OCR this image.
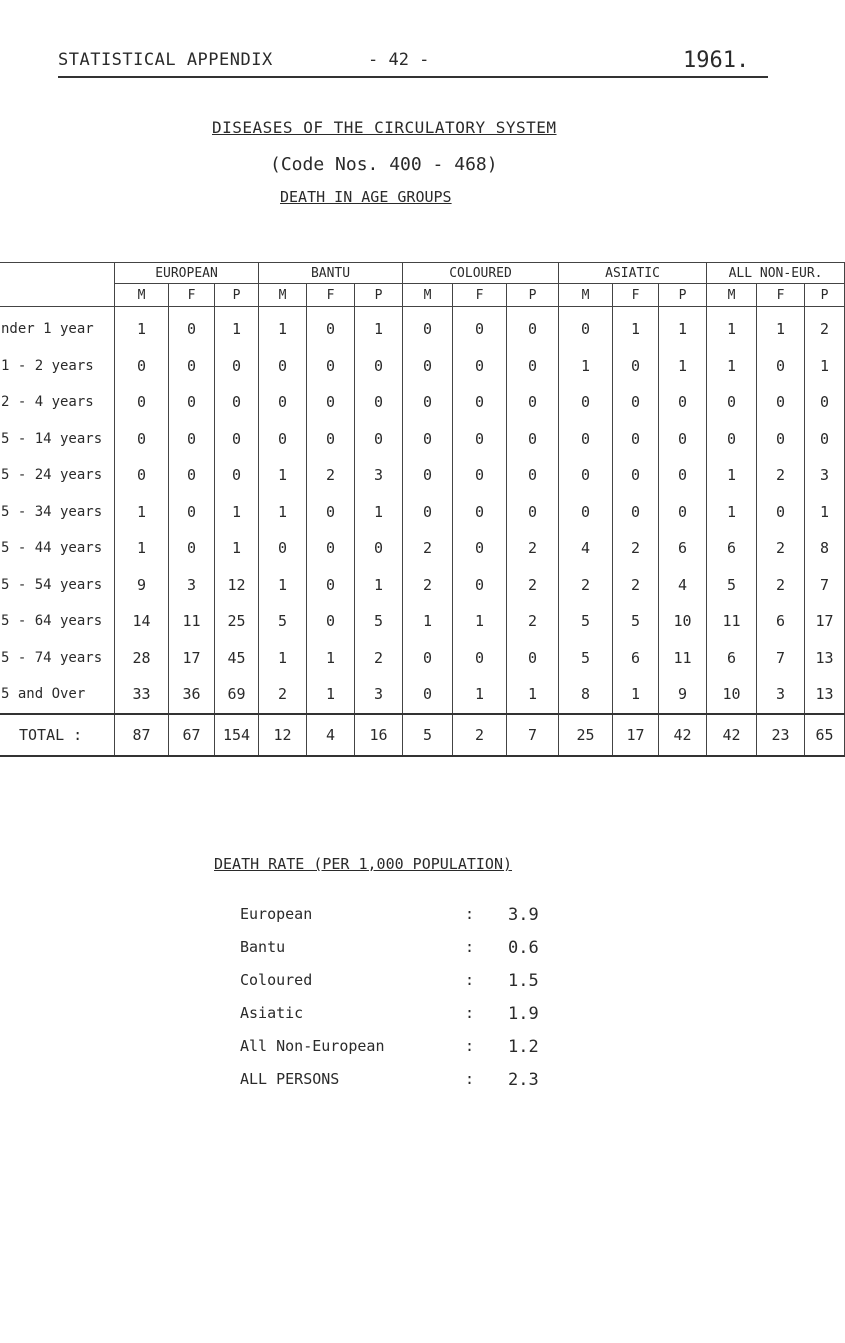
STATISTICAL APPENDIX	- 42 -	1961.
DISEASES OF THE CIRCULATORY SYSTEM
(Code Nos. 400 - 468)
DEATH IN AGE GROUPS
	EUROPEAN			BANTU			COLOURED			ASIATIC			ALL NON-EUR.		
	M	F	P	M	F	P	M	F	P	M	F	P	M	F	P

nder 1 year	1	0	1	1	0	1	0	0	0	0	1	1	1	1	2
1 - 2 years	0	0	0	0	0	0	0	0	0	1	0	1	1	0	1
2 - 4 years	0	0	0	0	0	0	0	0	0	0	0	0	0	0	0
5 - 14 years	0	0	0	0	0	0	0	0	0	0	0	0	0	0	0
5 - 24 years	0	0	0	1	2	3	0	0	0	0	0	0	1	2	3
5 - 34 years	1	0	1	1	0	1	0	0	0	0	0	0	1	0	1
5 - 44 years	1	0	1	0	0	0	2	0	2	4	2	6	6	2	8
5 - 54 years	9	3	12	1	0	1	2	0	2	2	2	4	5	2	7
5 - 64 years	14	11	25	5	0	5	1	1	2	5	5	10	11	6	17
5 - 74 years	28	17	45	1	1	2	0	0	0	5	6	11	6	7	13
5 and Over	33	36	69	2	1	3	0	1	1	8	1	9	10	3	13
TOTAL :	87	67	154	12	4	16	5	2	7	25	17	42	42	23	65
DEATH RATE (PER 1,000 POPULATION)
European	: 3.9
Bantu	: 0.6
Coloured	: 1.5
Asiatic	: 1.9
All Non-European	: 1.2
ALL PERSONS	: 2.3
